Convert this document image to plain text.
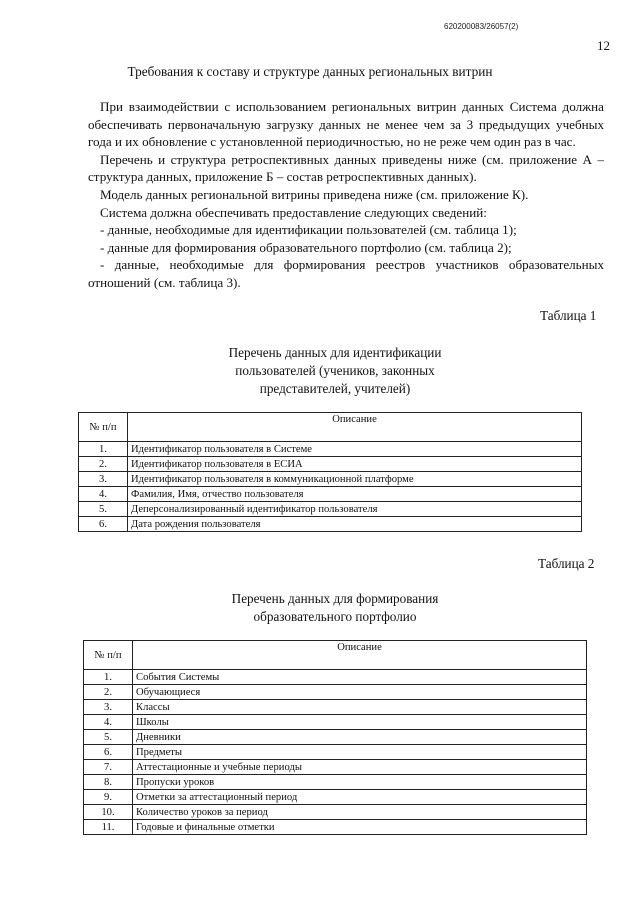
620200083/26057(2)
12
Требования к составу и структуре данных региональных витрин

При взаимодействии с использованием региональных витрин данных Система должна обеспечивать первоначальную загрузку данных не менее чем за 3 предыдущих учебных года и их обновление с установленной периодичностью, но не реже чем один раз в час.

Перечень и структура ретроспективных данных приведены ниже (см. приложение А – структура данных, приложение Б – состав ретроспективных данных).

Модель данных региональной витрины приведена ниже (см. приложение К).

Система должна обеспечивать предоставление следующих сведений:

- данные, необходимые для идентификации пользователей (см. таблица 1);

- данные для формирования образовательного портфолио (см. таблица 2);

- данные, необходимые для формирования реестров участников образовательных отношений (см. таблица 3).

Таблица 1
Перечень данных для идентификации
пользователей (учеников, законных
представителей, учителей)
№ п/п	Описание
1.	Идентификатор пользователя в Системе
2.	Идентификатор пользователя в ЕСИА
3.	Идентификатор пользователя в коммуникационной платформе
4.	Фамилия, Имя, отчество пользователя
5.	Деперсонализированный идентификатор пользователя
6.	Дата рождения пользователя
Таблица 2
Перечень данных для формирования
образовательного портфолио
№ п/п	Описание
1.	События Системы
2.	Обучающиеся
3.	Классы
4.	Школы
5.	Дневники
6.	Предметы
7.	Аттестационные и учебные периоды
8.	Пропуски уроков
9.	Отметки за аттестационный период
10.	Количество уроков за период
11.	Годовые и финальные отметки
